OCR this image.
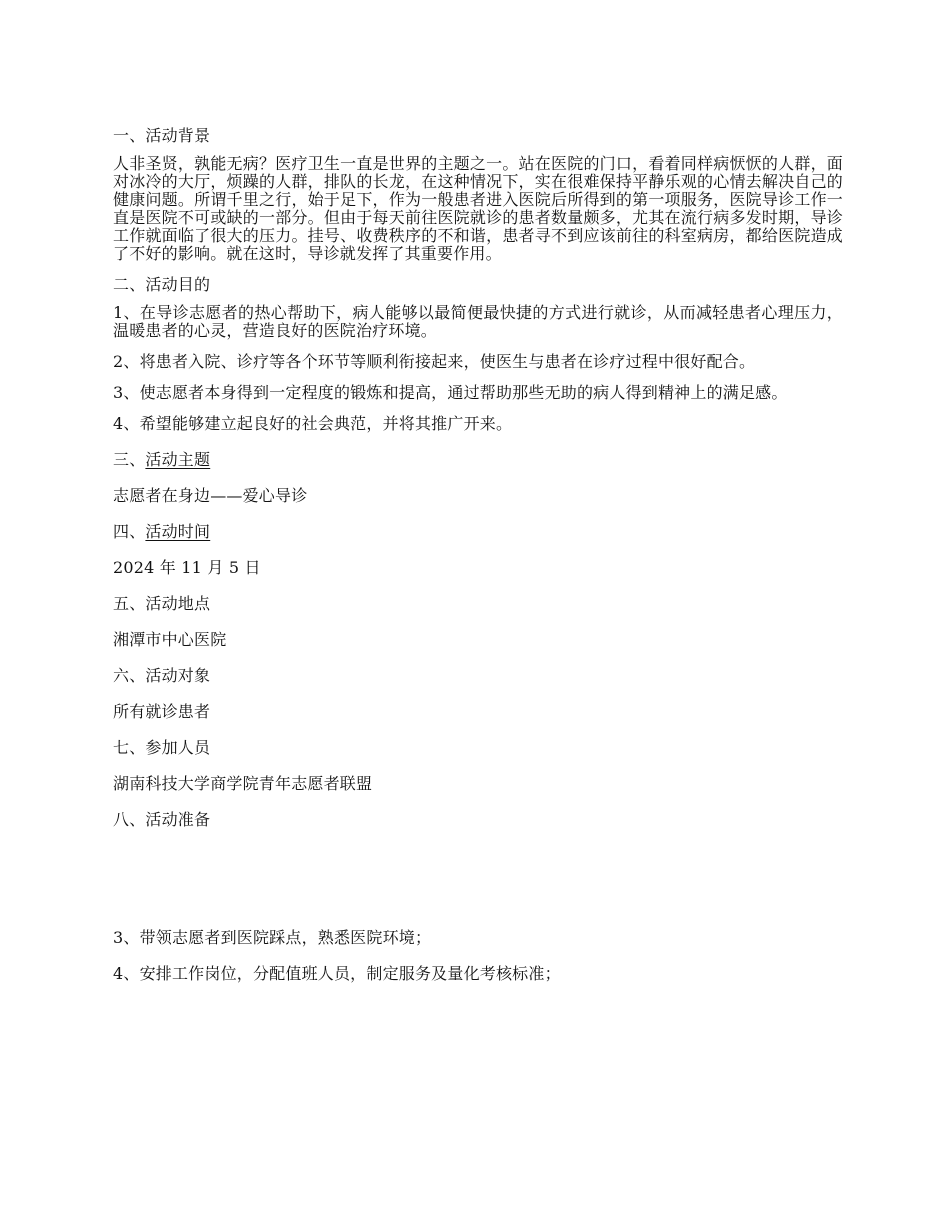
一、活动背景

人非圣贤，孰能无病？医疗卫生一直是世界的主题之一。站在医院的门口，看着同样病恹恹的人群，面对冰冷的大厅，烦躁的人群，排队的长龙，在这种情况下，实在很难保持平静乐观的心情去解决自己的健康问题。所谓千里之行，始于足下，作为一般患者进入医院后所得到的第一项服务，医院导诊工作一直是医院不可或缺的一部分。但由于每天前往医院就诊的患者数量颇多，尤其在流行病多发时期，导诊工作就面临了很大的压力。挂号、收费秩序的不和谐，患者寻不到应该前往的科室病房，都给医院造成了不好的影响。就在这时，导诊就发挥了其重要作用。

二、活动目的

1、在导诊志愿者的热心帮助下，病人能够以最简便最快捷的方式进行就诊，从而减轻患者心理压力，温暖患者的心灵，营造良好的医院治疗环境。

2、将患者入院、诊疗等各个环节等顺利衔接起来，使医生与患者在诊疗过程中很好配合。

3、使志愿者本身得到一定程度的锻炼和提高，通过帮助那些无助的病人得到精神上的满足感。

4、希望能够建立起良好的社会典范，并将其推广开来。

三、活动主题

志愿者在身边——爱心导诊

四、活动时间

2024 年 11 月 5 日

五、活动地点

湘潭市中心医院

六、活动对象

所有就诊患者

七、参加人员

湖南科技大学商学院青年志愿者联盟

八、活动准备

3、带领志愿者到医院踩点，熟悉医院环境；

4、安排工作岗位，分配值班人员，制定服务及量化考核标准；
